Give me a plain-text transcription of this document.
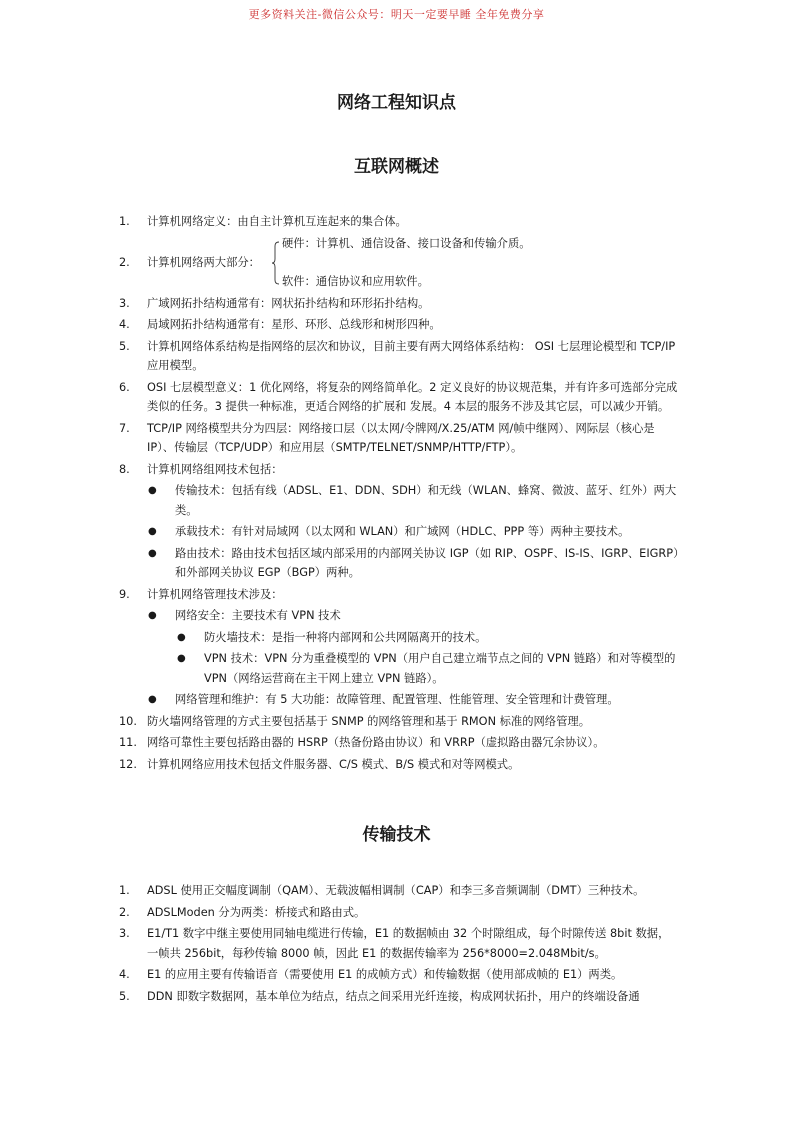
更多资料关注-微信公众号：明天一定要早睡 全年免费分享
网络工程知识点
互联网概述
1. 计算机网络定义：由自主计算机互连起来的集合体。
2. 计算机网络两大部分：
硬件：计算机、通信设备、接口设备和传输介质。
软件：通信协议和应用软件。
3. 广域网拓扑结构通常有：网状拓扑结构和环形拓扑结构。
4. 局域网拓扑结构通常有：星形、环形、总线形和树形四种。
5. 计算机网络体系结构是指网络的层次和协议，目前主要有两大网络体系结构： OSI 七层理论模型和 TCP/IP 应用模型。
6. OSI 七层模型意义：1 优化网络，将复杂的网络简单化。2 定义良好的协议规范集，并有许多可选部分完成类似的任务。3 提供一种标准，更适合网络的扩展和 发展。4 本层的服务不涉及其它层，可以减少开销。
7. TCP/IP 网络模型共分为四层：网络接口层（以太网/令牌网/X.25/ATM 网/帧中继网）、网际层（核心是 IP）、传输层（TCP/UDP）和应用层（SMTP/TELNET/SNMP/HTTP/FTP）。
8. 计算机网络组网技术包括：
● 传输技术：包括有线（ADSL、E1、DDN、SDH）和无线（WLAN、蜂窝、微波、蓝牙、红外）两大类。
● 承载技术：有针对局域网（以太网和 WLAN）和广域网（HDLC、PPP 等）两种主要技术。
● 路由技术：路由技术包括区域内部采用的内部网关协议 IGP（如 RIP、OSPF、IS-IS、IGRP、EIGRP）和外部网关协议 EGP（BGP）两种。
9. 计算机网络管理技术涉及：
● 网络安全：主要技术有 VPN 技术
● 防火墙技术：是指一种将内部网和公共网隔离开的技术。
● VPN 技术：VPN 分为重叠模型的 VPN（用户自己建立端节点之间的 VPN 链路）和对等模型的 VPN（网络运营商在主干网上建立 VPN 链路）。
● 网络管理和维护：有 5 大功能：故障管理、配置管理、性能管理、安全管理和计费管理。
10. 防火墙网络管理的方式主要包括基于 SNMP 的网络管理和基于 RMON 标准的网络管理。
11. 网络可靠性主要包括路由器的 HSRP（热备份路由协议）和 VRRP（虚拟路由器冗余协议）。
12. 计算机网络应用技术包括文件服务器、C/S 模式、B/S 模式和对等网模式。
传输技术
1. ADSL 使用正交幅度调制（QAM）、无载波幅相调制（CAP）和李三多音频调制（DMT）三种技术。
2. ADSLModen 分为两类：桥接式和路由式。
3. E1/T1 数字中继主要使用同轴电缆进行传输，E1 的数据帧由 32 个时隙组成，每个时隙传送 8bit 数据，一帧共 256bit，每秒传输 8000 帧，因此 E1 的数据传输率为 256*8000=2.048Mbit/s。
4. E1 的应用主要有传输语音（需要使用 E1 的成帧方式）和传输数据（使用部成帧的 E1）两类。
5. DDN 即数字数据网，基本单位为结点，结点之间采用光纤连接，构成网状拓扑，用户的终端设备通
